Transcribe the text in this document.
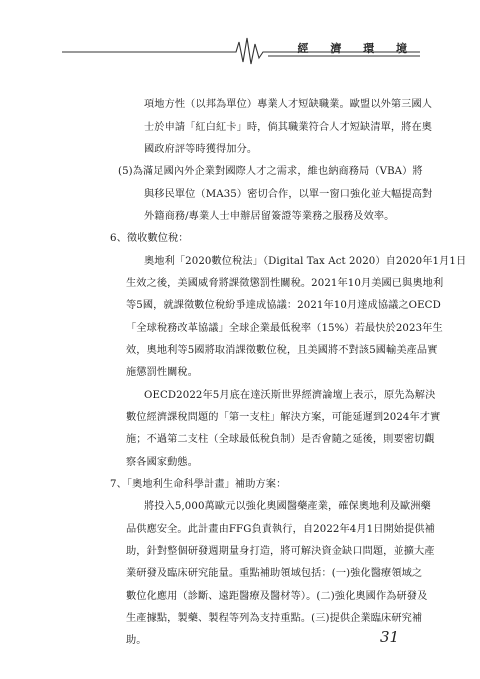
經 濟 環 境
項地方性（以邦為單位）專業人才短缺職業。歐盟以外第三國人
士於申請「紅白紅卡」時，倘其職業符合人才短缺清單，將在奧
國政府評等時獲得加分。
(5)為滿足國內外企業對國際人才之需求，維也納商務局（VBA）將
與移民單位（MA35）密切合作，以單一窗口強化並大幅提高對
外籍商務/專業人士申辦居留簽證等業務之服務及效率。
6、徵收數位稅：
奧地利「2020數位稅法」（Digital Tax Act 2020）自2020年1月1日
生效之後，美國威脅將課徵懲罰性關稅。2021年10月美國已與奧地利
等5國，就課徵數位稅紛爭達成協議：2021年10月達成協議之OECD
「全球稅務改革協議」全球企業最低稅率（15%）若最快於2023年生
效，奧地利等5國將取消課徵數位稅，且美國將不對該5國輸美產品實
施懲罰性關稅。
OECD2022年5月底在達沃斯世界經濟論壇上表示，原先為解決
數位經濟課稅問題的「第一支柱」解決方案，可能延遲到2024年才實
施；不過第二支柱（全球最低稅負制）是否會隨之延後，則要密切觀
察各國家動態。
7、「奧地利生命科學計畫」補助方案：
將投入5,000萬歐元以強化奧國醫藥產業，確保奧地利及歐洲藥
品供應安全。此計畫由FFG負責執行，自2022年4月1日開始提供補
助，針對整個研發週期量身打造，將可解決資金缺口問題，並擴大產
業研發及臨床研究能量。重點補助領域包括：(一)強化醫療領域之
數位化應用（診斷、遠距醫療及醫材等）。(二)強化奧國作為研發及
生產據點，製藥、製程等列為支持重點。(三)提供企業臨床研究補
助。	31
